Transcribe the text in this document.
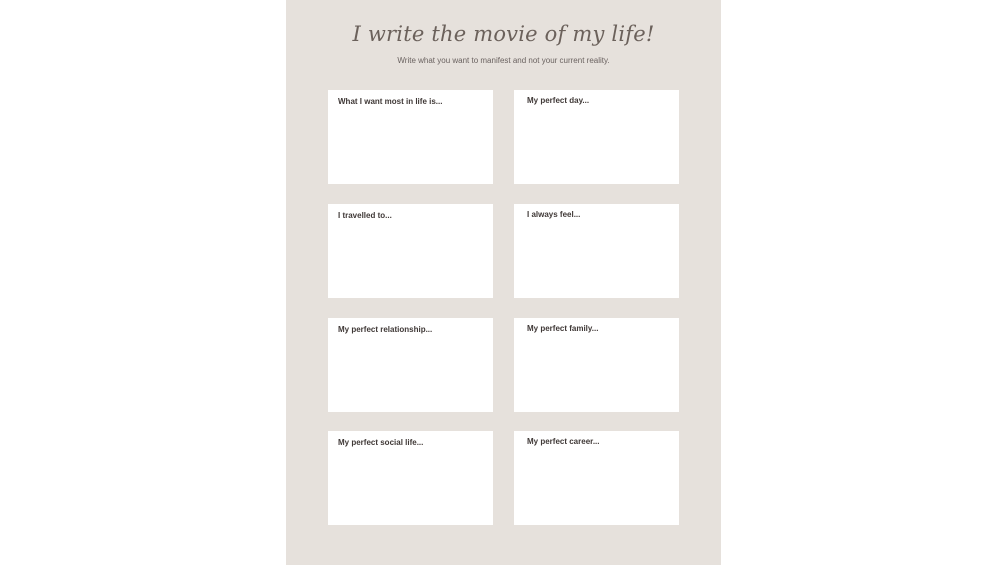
I write the movie of my life!
Write what you want to manifest and not your current reality.
What I want most in life is...	My perfect day...
I travelled to...	I always feel...
My perfect relationship...	My perfect family...
My perfect social life...	My perfect career...
